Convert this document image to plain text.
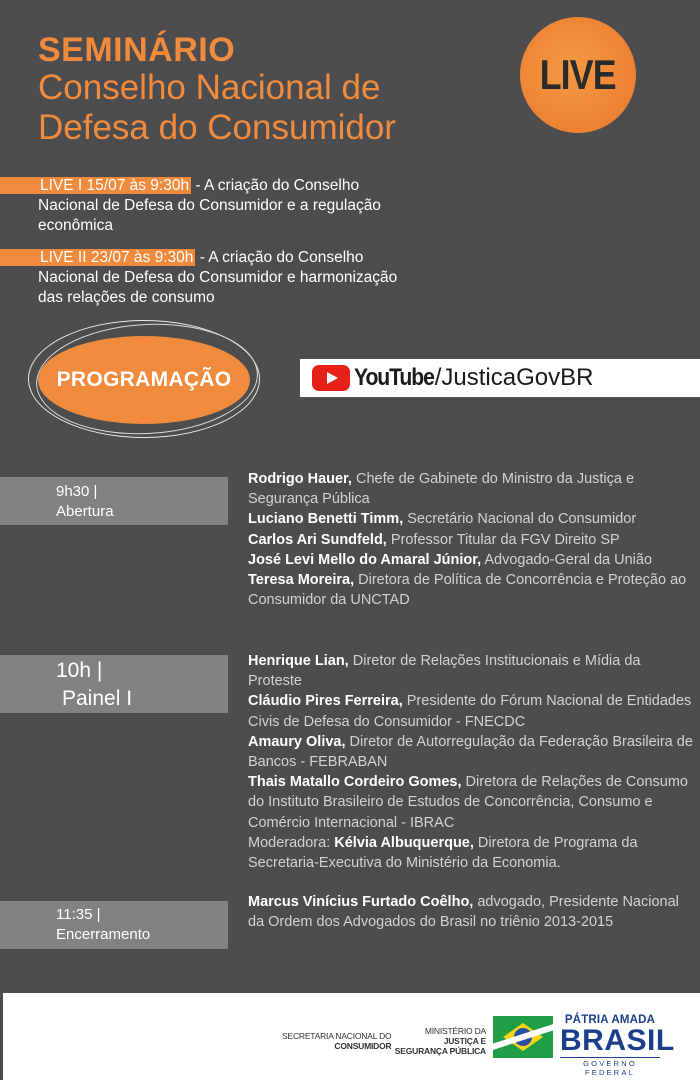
SEMINÁRIO
Conselho Nacional de
Defesa do Consumidor
LIVE
LIVE I 15/07 às 9:30h - A criação do Conselho
Nacional de Defesa do Consumidor e a regulação
econômica
LIVE II 23/07 às 9:30h - A criação do Conselho
Nacional de Defesa do Consumidor e harmonização
das relações de consumo
PROGRAMAÇÃO	YouTube /JusticaGovBR
9h30 |
Abertura
Rodrigo Hauer, Chefe de Gabinete do Ministro da Justiça e Segurança Pública
Luciano Benetti Timm, Secretário Nacional do Consumidor
Carlos Ari Sundfeld, Professor Titular da FGV Direito SP
José Levi Mello do Amaral Júnior, Advogado-Geral da União
Teresa Moreira, Diretora de Política de Concorrência e Proteção ao Consumidor da UNCTAD
10h |
Painel I
Henrique Lian, Diretor de Relações Institucionais e Mídia da Proteste
Cláudio Pires Ferreira, Presidente do Fórum Nacional de Entidades Civis de Defesa do Consumidor - FNECDC
Amaury Oliva, Diretor de Autorregulação da Federação Brasileira de Bancos - FEBRABAN
Thais Matallo Cordeiro Gomes, Diretora de Relações de Consumo do Instituto Brasileiro de Estudos de Concorrência, Consumo e Comércio Internacional - IBRAC
Moderadora: Kélvia Albuquerque, Diretora de Programa da Secretaria-Executiva do Ministério da Economia.
11:35 |
Encerramento
Marcus Vinícius Furtado Coêlho, advogado, Presidente Nacional da Ordem dos Advogados do Brasil no triênio 2013-2015
SECRETARIA NACIONAL DO
CONSUMIDOR
MINISTÉRIO DA
JUSTIÇA E
SEGURANÇA PÚBLICA
PÁTRIA AMADA
BRASIL
GOVERNO FEDERAL
